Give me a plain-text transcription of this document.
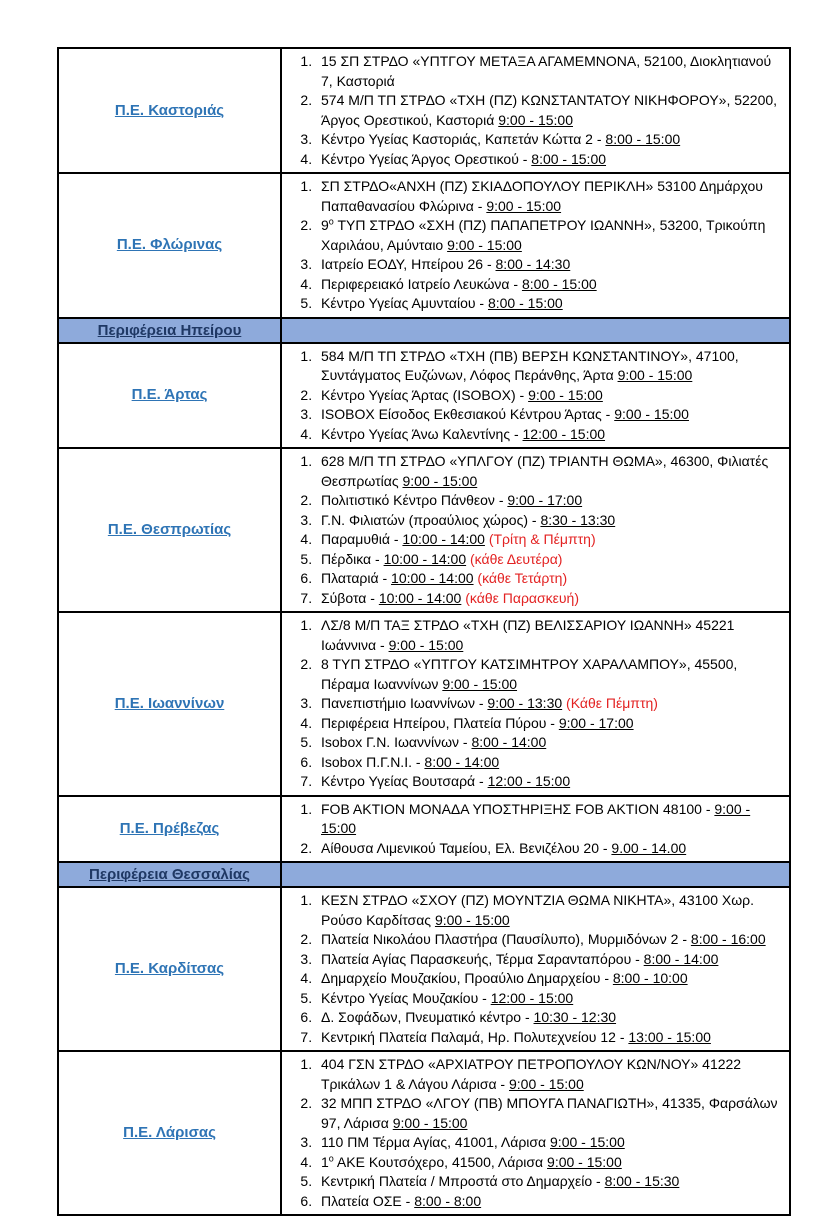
Π.Ε. Καστοριάς	
1. 15 ΣΠ ΣΤΡΔΟ «ΥΠΤΓΟΥ ΜΕΤΑΞΑ ΑΓΑΜΕΜΝΟΝΑ, 52100, Διοκλητιανού 7, Καστοριά
2. 574 Μ/Π ΤΠ ΣΤΡΔΟ «ΤΧΗ (ΠΖ) ΚΩΝΣΤΑΝΤΑΤΟΥ ΝΙΚΗΦΟΡΟΥ», 52200, Άργος Ορεστικού, Καστοριά 9:00 - 15:00
3. Κέντρο Υγείας Καστοριάς, Καπετάν Κώττα 2 - 8:00 - 15:00
4. Κέντρο Υγείας Άργος Ορεστικού - 8:00 - 15:00

Π.Ε. Φλώρινας	
1. ΣΠ ΣΤΡΔΟ«ΑΝΧΗ (ΠΖ) ΣΚΙΑΔΟΠΟΥΛΟΥ ΠΕΡΙΚΛΗ» 53100 Δημάρχου Παπαθανασίου Φλώρινα - 9:00 - 15:00
2. $9^o$ ΤΥΠ ΣΤΡΔΟ «ΣΧΗ (ΠΖ) ΠΑΠΑΠΕΤΡΟΥ ΙΩΑΝΝΗ», 53200, Τρικούπη Χαριλάου, Αμύνταιο 9:00 - 15:00
3. Ιατρείο ΕΟΔΥ, Ηπείρου 26 - 8:00 - 14:30
4. Περιφερειακό Ιατρείο Λευκώνα - 8:00 - 15:00
5. Κέντρο Υγείας Αμυνταίου - 8:00 - 15:00

Περιφέρεια Ηπείρου	

Π.Ε. Άρτας	
1. 584 Μ/Π ΤΠ ΣΤΡΔΟ «ΤΧΗ (ΠΒ) ΒΕΡΣΗ ΚΩΝΣΤΑΝΤΙΝΟΥ», 47100, Συντάγματος Ευζώνων, Λόφος Περάνθης, Άρτα 9:00 - 15:00
2. Κέντρο Υγείας Άρτας (ISOBOX) - 9:00 - 15:00
3. ISOBOX Είσοδος Εκθεσιακού Κέντρου Άρτας - 9:00 - 15:00
4. Κέντρο Υγείας Άνω Καλεντίνης - 12:00 - 15:00

Π.Ε. Θεσπρωτίας	
1. 628 Μ/Π ΤΠ ΣΤΡΔΟ «ΥΠΛΓΟΥ (ΠΖ) ΤΡΙΑΝΤΗ ΘΩΜΑ», 46300, Φιλιατές Θεσπρωτίας 9:00 - 15:00
2. Πολιτιστικό Κέντρο Πάνθεον - 9:00 - 17:00
3. Γ.Ν. Φιλιατών (προαύλιος χώρος) - 8:30 - 13:30
4. Παραμυθιά - 10:00 - 14:00 (Τρίτη & Πέμπτη)
5. Πέρδικα - 10:00 - 14:00 (κάθε Δευτέρα)
6. Πλαταριά - 10:00 - 14:00 (κάθε Τετάρτη)
7. Σύβοτα - 10:00 - 14:00 (κάθε Παρασκευή)

Π.Ε. Ιωαννίνων	
1. ΛΣ/8 Μ/Π ΤΑΞ ΣΤΡΔΟ «ΤΧΗ (ΠΖ) ΒΕΛΙΣΣΑΡΙΟΥ ΙΩΑΝΝΗ» 45221 Ιωάννινα - 9:00 - 15:00
2. 8 ΤΥΠ ΣΤΡΔΟ «ΥΠΤΓΟΥ ΚΑΤΣΙΜΗΤΡΟΥ ΧΑΡΑΛΑΜΠΟΥ», 45500, Πέραμα Ιωαννίνων 9:00 - 15:00
3. Πανεπιστήμιο Ιωαννίνων - 9:00 - 13:30 (Κάθε Πέμπτη)
4. Περιφέρεια Ηπείρου, Πλατεία Πύρου - 9:00 - 17:00
5. Isobox Γ.Ν. Ιωαννίνων - 8:00 - 14:00
6. Isobox Π.Γ.Ν.Ι. - 8:00 - 14:00
7. Κέντρο Υγείας Βουτσαρά - 12:00 - 15:00

Π.Ε. Πρέβεζας	
1. FOB AKTION ΜΟΝΑΔΑ ΥΠΟΣΤΗΡΙΞΗΣ FOB AKTION 48100 - 9:00 - 15:00
2. Αίθουσα Λιμενικού Ταμείου, Ελ. Βενιζέλου 20 - 9.00 - 14.00

Περιφέρεια Θεσσαλίας	

Π.Ε. Καρδίτσας	
1. ΚΕΣΝ ΣΤΡΔΟ «ΣΧΟΥ (ΠΖ) ΜΟΥΝΤΖΙΑ ΘΩΜΑ ΝΙΚΗΤΑ», 43100 Χωρ. Ρούσο Καρδίτσας 9:00 - 15:00
2. Πλατεία Νικολάου Πλαστήρα (Παυσίλυπο), Μυρμιδόνων 2 - 8:00 - 16:00
3. Πλατεία Αγίας Παρασκευής, Τέρμα Σαρανταπόρου - 8:00 - 14:00
4. Δημαρχείο Μουζακίου, Προαύλιο Δημαρχείου - 8:00 - 10:00
5. Κέντρο Υγείας Μουζακίου - 12:00 - 15:00
6. Δ. Σοφάδων, Πνευματικό κέντρο - 10:30 - 12:30
7. Κεντρική Πλατεία Παλαμά, Ηρ. Πολυτεχνείου 12 - 13:00 - 15:00

Π.Ε. Λάρισας	
1. 404 ΓΣΝ ΣΤΡΔΟ «ΑΡΧΙΑΤΡΟΥ ΠΕΤΡΟΠΟΥΛΟΥ ΚΩΝ/ΝΟΥ» 41222 Τρικάλων 1 & Λάγου Λάρισα - 9:00 - 15:00
2. 32 ΜΠΠ ΣΤΡΔΟ «ΛΓΟΥ (ΠΒ) ΜΠΟΥΓΑ ΠΑΝΑΓΙΩΤΗ», 41335, Φαρσάλων 97, Λάρισα 9:00 - 15:00
3. 110 ΠΜ Τέρμα Αγίας, 41001, Λάρισα 9:00 - 15:00
4. $1^o$ ΑΚΕ Κουτσόχερο, 41500, Λάρισα 9:00 - 15:00
5. Κεντρική Πλατεία / Μπροστά στο Δημαρχείο - 8:00 - 15:30
6. Πλατεία ΟΣΕ - 8:00 - 8:00
